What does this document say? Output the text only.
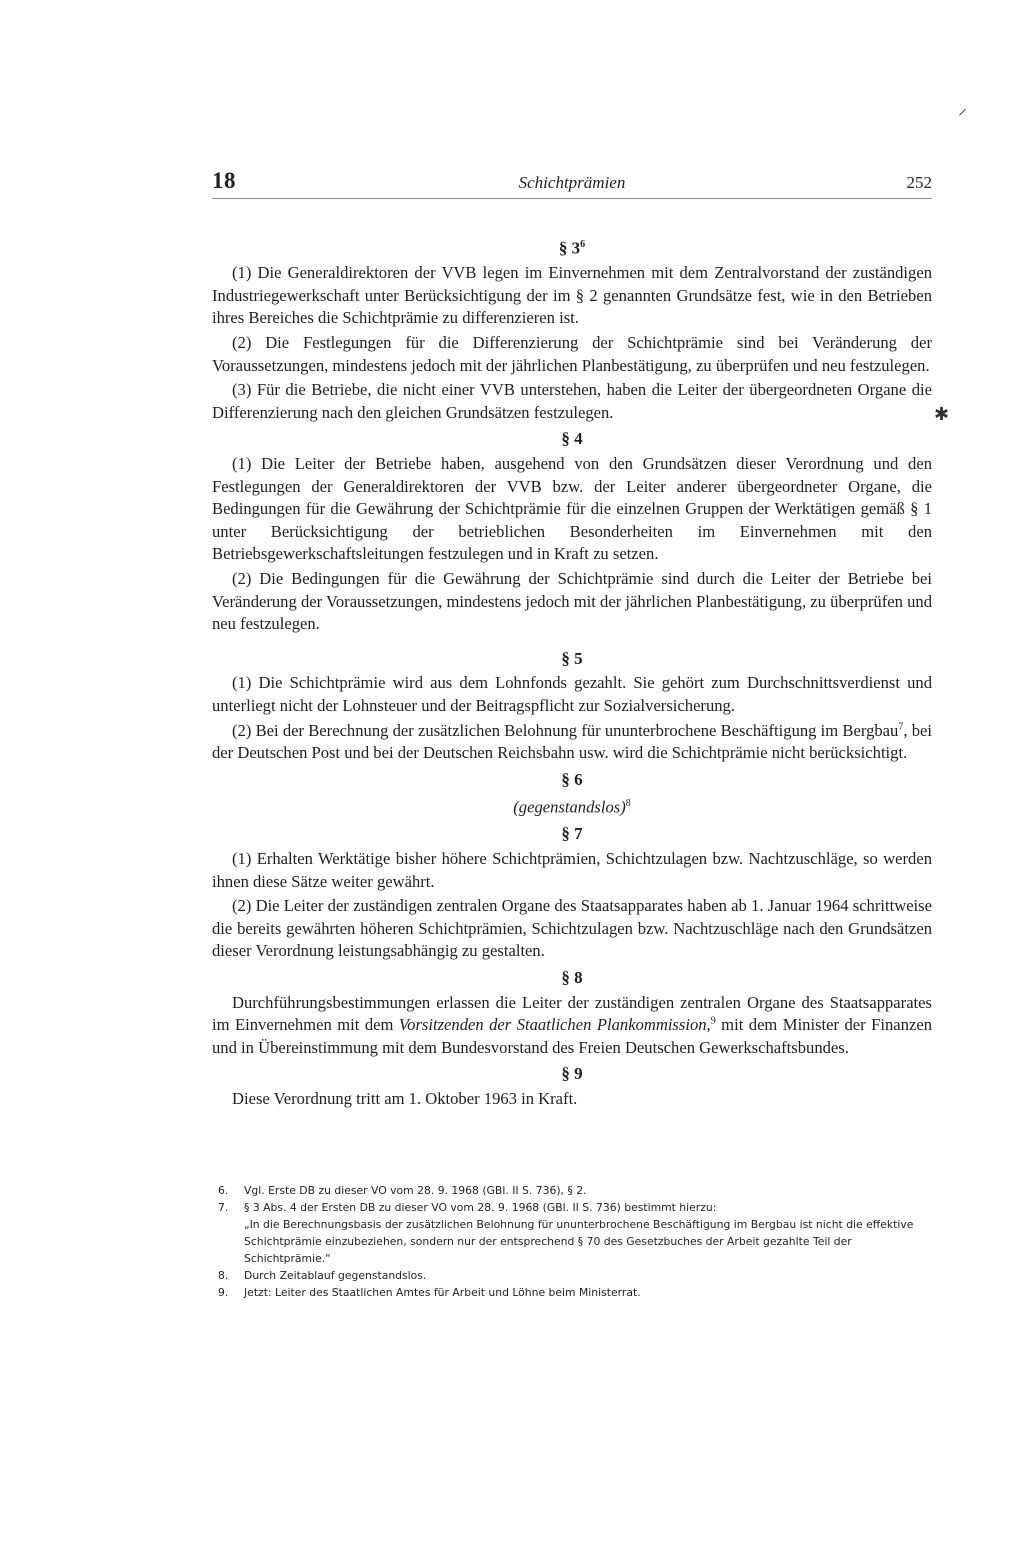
18	Schichtprämien	252
§ $3^6$

(1) Die Generaldirektoren der VVB legen im Einvernehmen mit dem Zentralvorstand der zuständigen Industriegewerkschaft unter Berücksichtigung der im § 2 genannten Grundsätze fest, wie in den Betrieben ihres Bereiches die Schichtprämie zu differenzieren ist.

(2) Die Festlegungen für die Differenzierung der Schichtprämie sind bei Veränderung der Voraussetzungen, mindestens jedoch mit der jährlichen Planbestätigung, zu überprüfen und neu festzulegen.

(3) Für die Betriebe, die nicht einer VVB unterstehen, haben die Leiter der übergeordneten Organe die Differenzierung nach den gleichen Grundsätzen festzulegen.

§ 4

(1) Die Leiter der Betriebe haben, ausgehend von den Grundsätzen dieser Verordnung und den Festlegungen der Generaldirektoren der VVB bzw. der Leiter anderer übergeordneter Organe, die Bedingungen für die Gewährung der Schichtprämie für die einzelnen Gruppen der Werktätigen gemäß § 1 unter Berücksichtigung der betrieblichen Besonderheiten im Einvernehmen mit den Betriebsgewerkschaftsleitungen festzulegen und in Kraft zu setzen.

(2) Die Bedingungen für die Gewährung der Schichtprämie sind durch die Leiter der Betriebe bei Veränderung der Voraussetzungen, mindestens jedoch mit der jährlichen Planbestätigung, zu überprüfen und neu festzulegen.

§ 5

(1) Die Schichtprämie wird aus dem Lohnfonds gezahlt. Sie gehört zum Durchschnittsverdienst und unterliegt nicht der Lohnsteuer und der Beitragspflicht zur Sozialversicherung.

(2) Bei der Berechnung der zusätzlichen Belohnung für ununterbrochene Beschäftigung im Bergbau$^7$, bei der Deutschen Post und bei der Deutschen Reichsbahn usw. wird die Schichtprämie nicht berücksichtigt.

§ 6
(gegenstandslos)$^8$
§ 7

(1) Erhalten Werktätige bisher höhere Schichtprämien, Schichtzulagen bzw. Nachtzuschläge, so werden ihnen diese Sätze weiter gewährt.

(2) Die Leiter der zuständigen zentralen Organe des Staatsapparates haben ab 1. Januar 1964 schrittweise die bereits gewährten höheren Schichtprämien, Schichtzulagen bzw. Nachtzuschläge nach den Grundsätzen dieser Verordnung leistungsabhängig zu gestalten.

§ 8

Durchführungsbestimmungen erlassen die Leiter der zuständigen zentralen Organe des Staatsapparates im Einvernehmen mit dem Vorsitzenden der Staatlichen Plankommission,$^9$ mit dem Minister der Finanzen und in Übereinstimmung mit dem Bundesvorstand des Freien Deutschen Gewerkschaftsbundes.

§ 9

Diese Verordnung tritt am 1. Oktober 1963 in Kraft.

6.	Vgl. Erste DB zu dieser VO vom 28. 9. 1968 (GBl. II S. 736), § 2.
7.	§ 3 Abs. 4 der Ersten DB zu dieser VO vom 28. 9. 1968 (GBl. II S. 736) bestimmt hierzu:
„In die Berechnungsbasis der zusätzlichen Belohnung für ununterbrochene Beschäftigung im Bergbau ist nicht die effektive Schichtprämie einzubeziehen, sondern nur der entsprechend § 70 des Gesetzbuches der Arbeit gezahlte Teil der Schichtprämie.“
8.	Durch Zeitablauf gegenstandslos.
9.	Jetzt: Leiter des Staatlichen Amtes für Arbeit und Löhne beim Ministerrat.
⸝
✱
